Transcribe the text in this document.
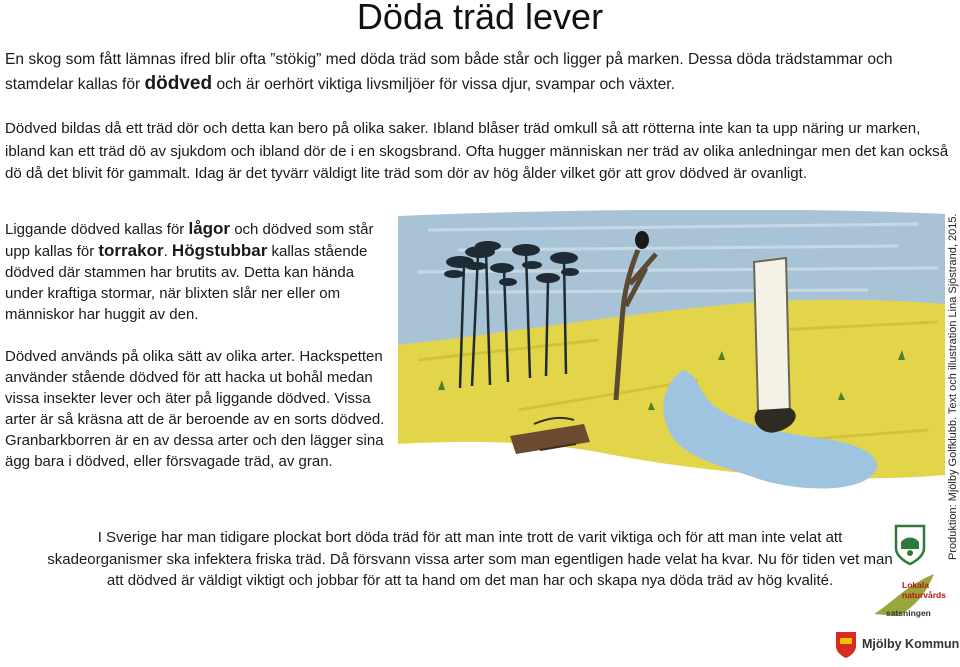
Döda träd lever
En skog som fått lämnas ifred blir ofta ”stökig” med döda träd som både står och ligger på marken. Dessa döda trädstammar och stamdelar kallas för dödved och är oerhört viktiga livsmiljöer för vissa djur, svampar och växter.
Dödved bildas då ett träd dör och detta kan bero på olika saker. Ibland blåser träd omkull så att rötterna inte kan ta upp näring ur marken, ibland kan ett träd dö av sjukdom och ibland dör de i en skogsbrand. Ofta hugger människan ner träd av olika anledningar men det kan också dö då det blivit för gammalt. Idag är det tyvärr väldigt lite träd som dör av hög ålder vilket gör att grov dödved är ovanligt.

Liggande dödved kallas för lågor och dödved som står upp kallas för torrakor. Högstubbar kallas stående dödved där stammen har brutits av. Detta kan hända under kraftiga stormar, när blixten slår ner eller om människor har huggit av den.

Dödved används på olika sätt av olika arter. Hackspetten använder stående dödved för att hacka ut bohål medan vissa insekter lever och äter på liggande dödved. Vissa arter är så kräsna att de är beroende av en sorts dödved. Granbarkborren är en av dessa arter och den lägger sina ägg bara i dödved, eller försvagade träd, av gran.

I Sverige har man tidigare plockat bort döda träd för att man inte trott de varit viktiga och för att man inte velat att skadeorganismer ska infektera friska träd. Då försvann vissa arter som man egentligen hade velat ha kvar. Nu för tiden vet man att dödved är väldigt viktigt och jobbar för att ta hand om det man har och skapa nya döda träd av hög kvalité.
Produktion: Mjölby Golfklubb. Text och illustration Lina Sjöstrand, 2015.
Lokala
naturvårds
satsningen
Mjölby Kommun
